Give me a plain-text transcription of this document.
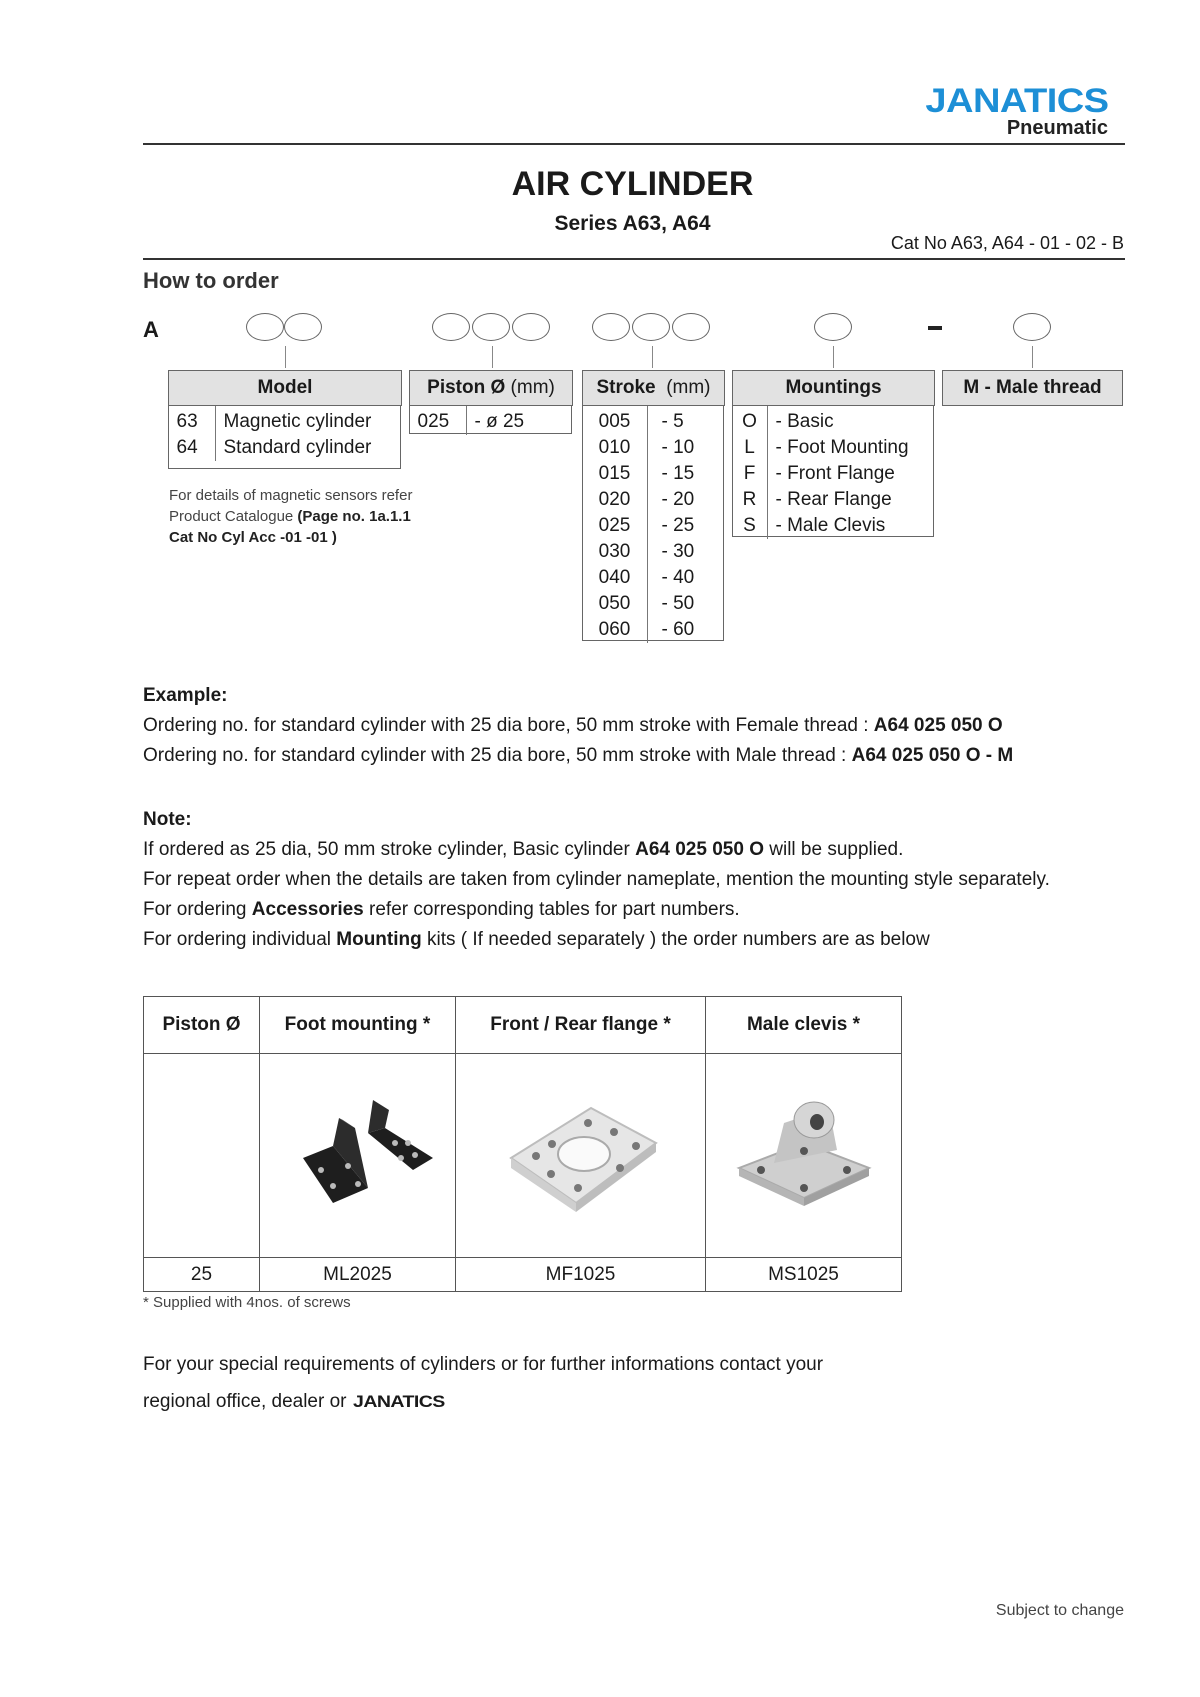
JANATICS
Pneumatic
AIR CYLINDER
Series A63, A64
Cat No A63, A64 - 01 - 02 - B
How to order
A
Model	
63	Magnetic cylinder
64	Standard cylinder
Piston Ø (mm)
025	- ø 25
Stroke (mm)	
005	- 5
010	- 10
015	- 15
020	- 20
025	- 25
030	- 30
040	- 40
050	- 50
060	- 60
Mountings	
O	- Basic
L	- Foot Mounting
F	- Front Flange
R	- Rear Flange
S	- Male Clevis
M - Male thread
For details of magnetic sensors refer
Product Catalogue (Page no. 1a.1.1
Cat No Cyl Acc -01 -01 )
Example:
Ordering no. for standard cylinder with 25 dia bore, 50 mm stroke with Female thread : A64 025 050 O
Ordering no. for standard cylinder with 25 dia bore, 50 mm stroke with Male thread : A64 025 050 O - M
Note:
If ordered as 25 dia, 50 mm stroke cylinder, Basic cylinder A64 025 050 O will be supplied.
For repeat order when the details are taken from cylinder nameplate, mention the mounting style separately.
For ordering Accessories refer corresponding tables for part numbers.
For ordering individual Mounting kits ( If needed separately ) the order numbers are as below
Piston Ø	Foot mounting *	Front / Rear flange *	Male clevis *

25	ML2025	MF1025	MS1025
* Supplied with 4nos. of screws
For your special requirements of cylinders or for further informations contact your
regional office, dealer or JANATICS
Subject to change
